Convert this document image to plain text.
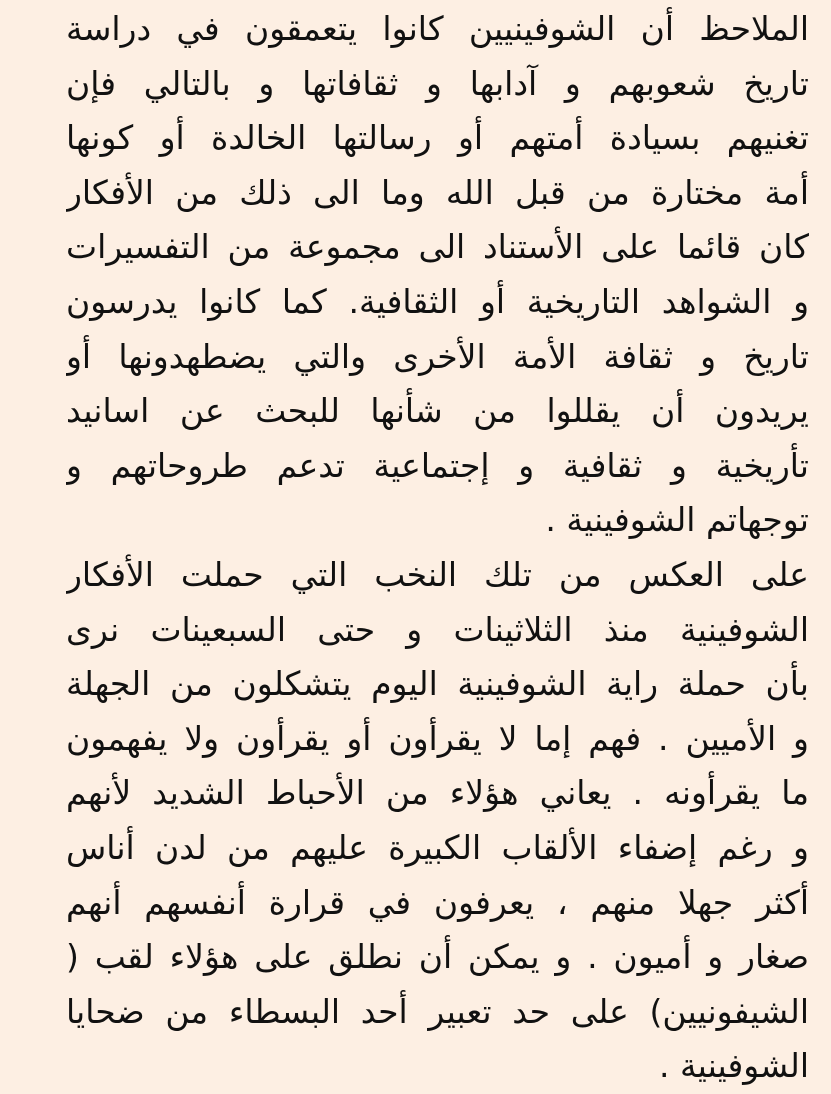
الملاحظ أن الشوفينيين كانوا يتعمقون في دراسة
تاريخ شعوبهم و آدابها و ثقافاتها و بالتالي فإن
تغنيهم بسيادة أمتهم أو رسالتها الخالدة أو كونها
أمة مختارة من قبل الله وما الى ذلك من الأفكار
كان قائما على الأستناد الى مجموعة من التفسيرات
و الشواهد التاريخية أو الثقافية. كما كانوا يدرسون
تاريخ و ثقافة الأمة الأخرى والتي يضطهدونها أو
يريدون أن يقللوا من شأنها للبحث عن اسانيد
تأريخية و ثقافية و إجتماعية تدعم طروحاتهم و
توجهاتم الشوفينية .
على العكس من تلك النخب التي حملت الأفكار
الشوفينية منذ الثلاثينات و حتى السبعينات نرى
بأن حملة راية الشوفينية اليوم يتشكلون من الجهلة
و الأميين . فهم إما لا يقرأون أو يقرأون ولا يفهمون
ما يقرأونه . يعاني هؤلاء من الأحباط الشديد لأنهم
و رغم إضفاء الألقاب الكبيرة عليهم من لدن أناس
أكثر جهلا منهم ، يعرفون في قرارة أنفسهم أنهم
صغار و أميون . و يمكن أن نطلق على هؤلاء لقب (
الشيفونيين) على حد تعبير أحد البسطاء من ضحايا
الشوفينية .
